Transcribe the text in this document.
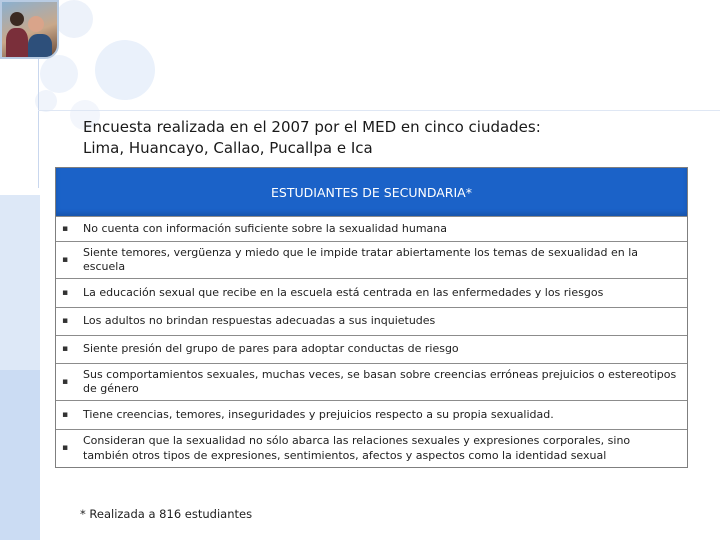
Encuesta realizada en el 2007 por el MED en cinco ciudades:
Lima, Huancayo, Callao, Pucallpa e Ica
ESTUDIANTES DE SECUNDARIA*
▪ No cuenta con información suficiente sobre la sexualidad humana
▪
Siente temores, vergüenza y miedo que le impide tratar abiertamente los temas de sexualidad en la escuela
▪ La educación sexual que recibe en la escuela está centrada en las enfermedades y los riesgos
▪ Los adultos no brindan respuestas adecuadas a sus inquietudes
▪ Siente presión del grupo de pares para adoptar conductas de riesgo
▪
Sus comportamientos sexuales, muchas veces, se basan sobre creencias erróneas prejuicios o estereotipos de género
▪ Tiene creencias, temores, inseguridades y prejuicios respecto a su propia sexualidad.
▪
Consideran que la sexualidad no sólo abarca las relaciones sexuales y expresiones corporales, sino también otros tipos de expresiones, sentimientos, afectos y aspectos como la identidad sexual
* Realizada a 816 estudiantes
